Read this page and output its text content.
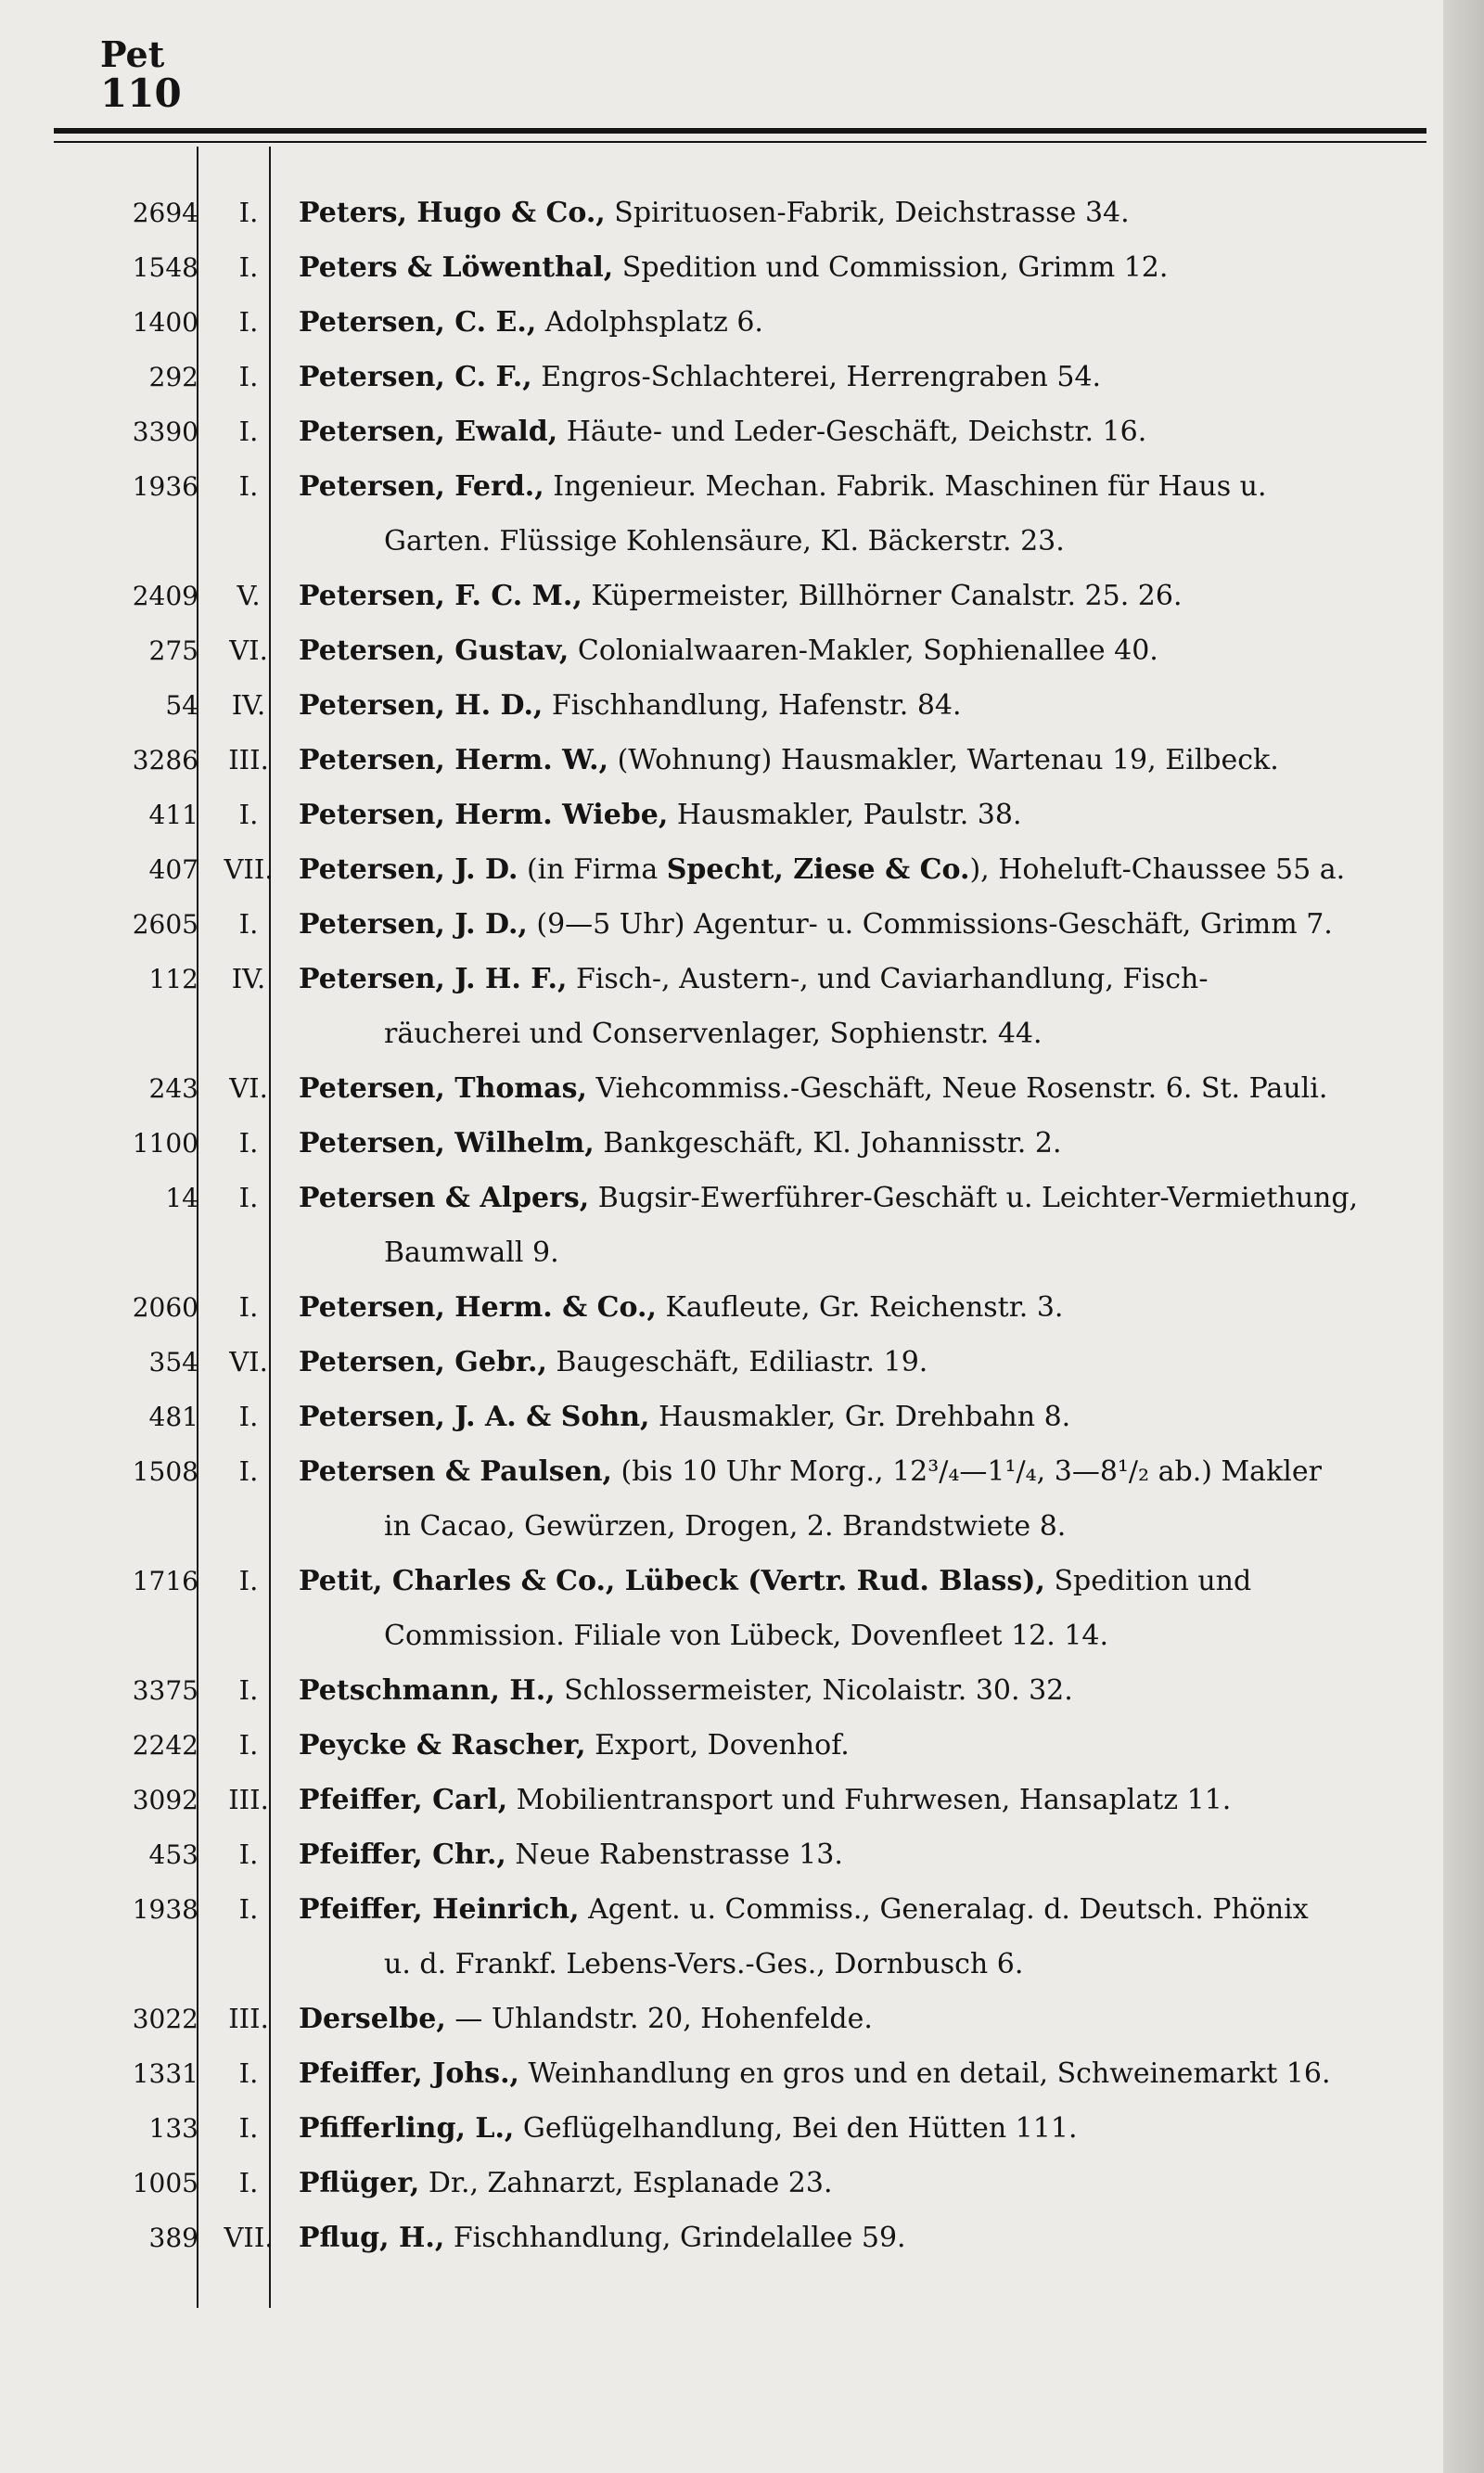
Pet
110
2694	I.	Peters, Hugo & Co., Spirituosen-Fabrik, Deichstrasse 34.
1548	I.	Peters & Löwenthal, Spedition und Commission, Grimm 12.
1400	I.	Petersen, C. E., Adolphsplatz 6.
292	I.	Petersen, C. F., Engros-Schlachterei, Herrengraben 54.
3390	I.	Petersen, Ewald, Häute- und Leder-Geschäft, Deichstr. 16.
1936	I.	Petersen, Ferd., Ingenieur. Mechan. Fabrik. Maschinen für Haus u.
Garten. Flüssige Kohlensäure, Kl. Bäckerstr. 23.
2409	V.	Petersen, F. C. M., Küpermeister, Billhörner Canalstr. 25. 26.
275	VI.	Petersen, Gustav, Colonialwaaren-Makler, Sophienallee 40.
54	IV.	Petersen, H. D., Fischhandlung, Hafenstr. 84.
3286	III.	Petersen, Herm. W., (Wohnung) Hausmakler, Wartenau 19, Eilbeck.
411	I.	Petersen, Herm. Wiebe, Hausmakler, Paulstr. 38.
407 VII. Petersen, J. D. (in Firma Specht, Ziese & Co.), Hoheluft-Chaussee 55 a.
2605	I.	Petersen, J. D., (9—5 Uhr) Agentur- u. Commissions-Geschäft, Grimm 7.
112	IV.	Petersen, J. H. F., Fisch-, Austern-, und Caviarhandlung, Fisch-
räucherei und Conservenlager, Sophienstr. 44.
243	VI.	Petersen, Thomas, Viehcommiss.-Geschäft, Neue Rosenstr. 6. St. Pauli.
1100	I.	Petersen, Wilhelm, Bankgeschäft, Kl. Johannisstr. 2.
14	I.	Petersen & Alpers, Bugsir-Ewerführer-Geschäft u. Leichter-Vermiethung,
Baumwall 9.
2060	I.	Petersen, Herm. & Co., Kaufleute, Gr. Reichenstr. 3.
354	VI.	Petersen, Gebr., Baugeschäft, Ediliastr. 19.
481	I.	Petersen, J. A. & Sohn, Hausmakler, Gr. Drehbahn 8.
1508	I.	Petersen & Paulsen, (bis 10 Uhr Morg., 12³/₄—1¹/₄, 3—8¹/₂ ab.) Makler
in Cacao, Gewürzen, Drogen, 2. Brandstwiete 8.
1716	I.	Petit, Charles & Co., Lübeck (Vertr. Rud. Blass), Spedition und
Commission. Filiale von Lübeck, Dovenfleet 12. 14.
3375	I.	Petschmann, H., Schlossermeister, Nicolaistr. 30. 32.
2242	I.	Peycke & Rascher, Export, Dovenhof.
3092	III.	Pfeiffer, Carl, Mobilientransport und Fuhrwesen, Hansaplatz 11.
453	I.	Pfeiffer, Chr., Neue Rabenstrasse 13.
1938	I.	Pfeiffer, Heinrich, Agent. u. Commiss., Generalag. d. Deutsch. Phönix
u. d. Frankf. Lebens-Vers.-Ges., Dornbusch 6.
3022	III.	Derselbe, — Uhlandstr. 20, Hohenfelde.
1331	I.	Pfeiffer, Johs., Weinhandlung en gros und en detail, Schweinemarkt 16.
133	I.	Pfifferling, L., Geflügelhandlung, Bei den Hütten 111.
1005	I.	Pflüger, Dr., Zahnarzt, Esplanade 23.
389 VII. Pflug, H., Fischhandlung, Grindelallee 59.
